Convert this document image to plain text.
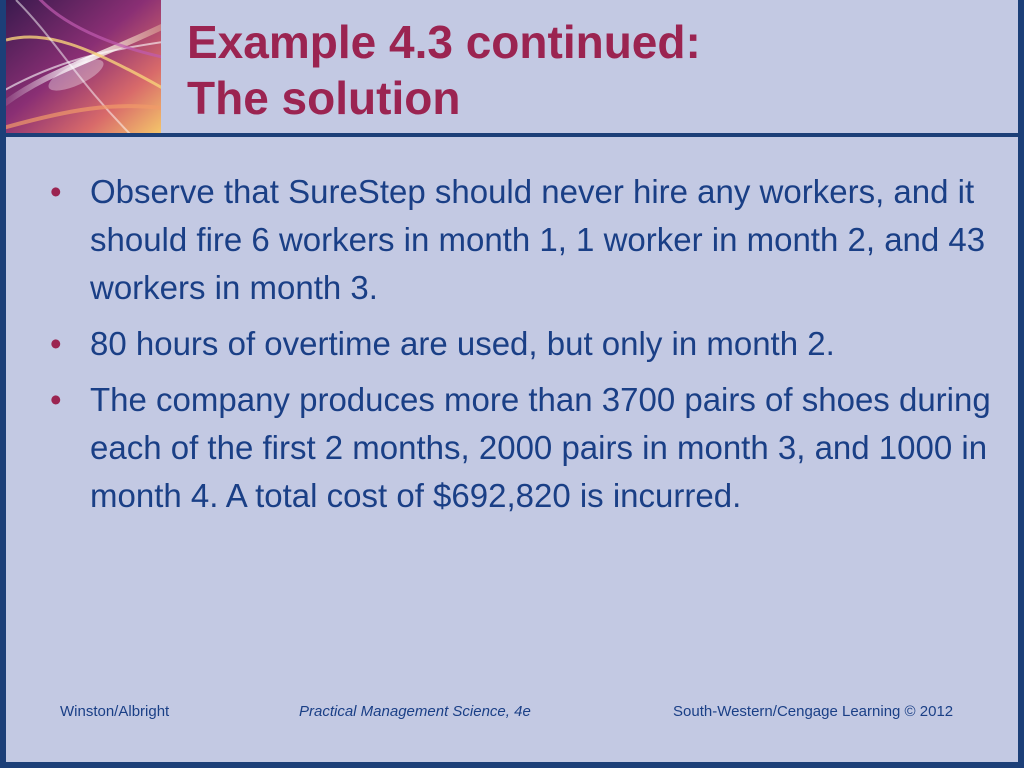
Example 4.3 continued:
The solution
• Observe that SureStep should never hire any workers, and it should fire 6 workers in month 1, 1 worker in month 2, and 43 workers in month 3.
• 80 hours of overtime are used, but only in month 2.
• The company produces more than 3700 pairs of shoes during each of the first 2 months, 2000 pairs in month 3, and 1000 in month 4. A total cost of $692,820 is incurred.
Winston/Albright	Practical Management Science, 4e	South-Western/Cengage Learning © 2012
